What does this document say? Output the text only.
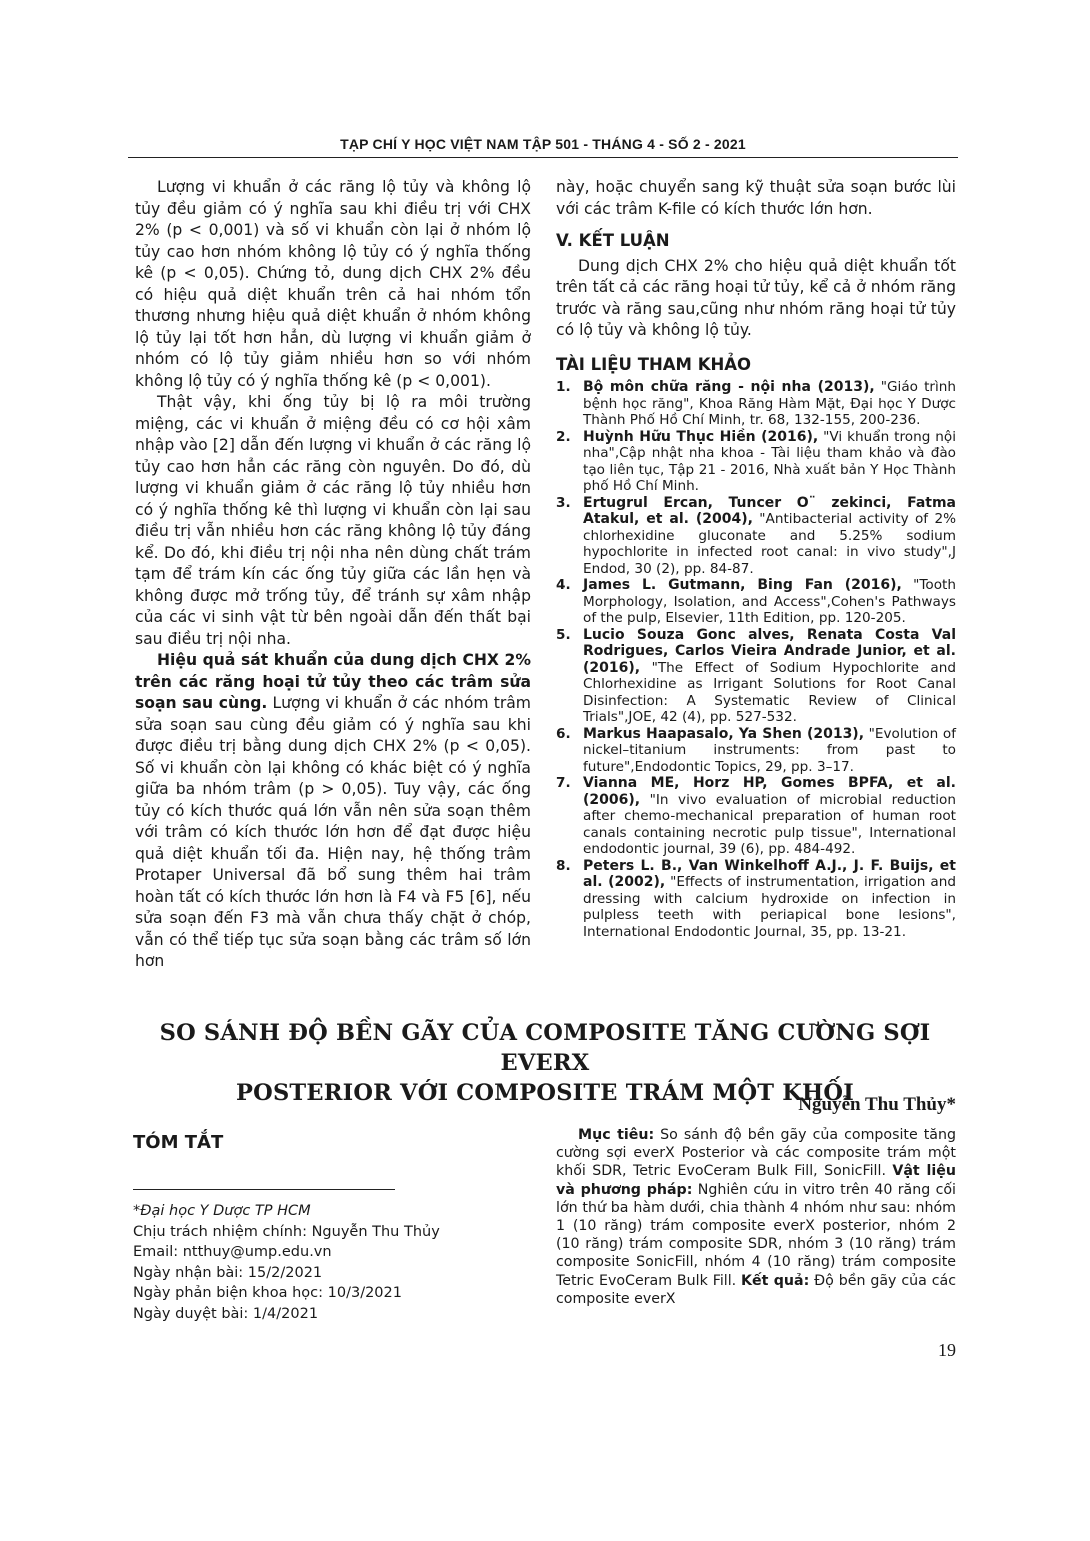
TẠP CHÍ Y HỌC VIỆT NAM TẬP 501 - THÁNG 4 - SỐ 2 - 2021

Lượng vi khuẩn ở các răng lộ tủy và không lộ tủy đều giảm có ý nghĩa sau khi điều trị với CHX 2% (p < 0,001) và số vi khuẩn còn lại ở nhóm lộ tủy cao hơn nhóm không lộ tủy có ý nghĩa thống kê (p < 0,05). Chứng tỏ, dung dịch CHX 2% đều có hiệu quả diệt khuẩn trên cả hai nhóm tổn thương nhưng hiệu quả diệt khuẩn ở nhóm không lộ tủy lại tốt hơn hẳn, dù lượng vi khuẩn giảm ở nhóm có lộ tủy giảm nhiều hơn so với nhóm không lộ tủy có ý nghĩa thống kê (p < 0,001).

Thật vậy, khi ống tủy bị lộ ra môi trường miệng, các vi khuẩn ở miệng đều có cơ hội xâm nhập vào [2] dẫn đến lượng vi khuẩn ở các răng lộ tủy cao hơn hẳn các răng còn nguyên. Do đó, dù lượng vi khuẩn giảm ở các răng lộ tủy nhiều hơn có ý nghĩa thống kê thì lượng vi khuẩn còn lại sau điều trị vẫn nhiều hơn các răng không lộ tủy đáng kể. Do đó, khi điều trị nội nha nên dùng chất trám tạm để trám kín các ống tủy giữa các lần hẹn và không được mở trống tủy, để tránh sự xâm nhập của các vi sinh vật từ bên ngoài dẫn đến thất bại sau điều trị nội nha.

Hiệu quả sát khuẩn của dung dịch CHX 2% trên các răng hoại tử tủy theo các trâm sửa soạn sau cùng. Lượng vi khuẩn ở các nhóm trâm sửa soạn sau cùng đều giảm có ý nghĩa sau khi được điều trị bằng dung dịch CHX 2% (p < 0,05). Số vi khuẩn còn lại không có khác biệt có ý nghĩa giữa ba nhóm trâm (p > 0,05). Tuy vậy, các ống tủy có kích thước quá lớn vẫn nên sửa soạn thêm với trâm có kích thước lớn hơn để đạt được hiệu quả diệt khuẩn tối đa. Hiện nay, hệ thống trâm Protaper Universal đã bổ sung thêm hai trâm hoàn tất có kích thước lớn hơn là F4 và F5 [6], nếu sửa soạn đến F3 mà vẫn chưa thấy chặt ở chóp, vẫn có thể tiếp tục sửa soạn bằng các trâm số lớn hơn

này, hoặc chuyển sang kỹ thuật sửa soạn bước lùi với các trâm K-file có kích thước lớn hơn.

V. KẾT LUẬN

Dung dịch CHX 2% cho hiệu quả diệt khuẩn tốt trên tất cả các răng hoại tử tủy, kể cả ở nhóm răng trước và răng sau,cũng như nhóm răng hoại tử tủy có lộ tủy và không lộ tủy.

TÀI LIỆU THAM KHẢO
1. Bộ môn chữa răng - nội nha (2013), "Giáo trình bệnh học răng", Khoa Răng Hàm Mặt, Đại học Y Dược Thành Phố Hồ Chí Minh, tr. 68, 132-155, 200-236.
2. Huỳnh Hữu Thục Hiền (2016), "Vi khuẩn trong nội nha",Cập nhật nha khoa - Tài liệu tham khảo và đào tạo liên tục, Tập 21 - 2016, Nhà xuất bản Y Học Thành phố Hồ Chí Minh.
3. Ertugrul Ercan, Tuncer O¨ zekinci, Fatma Atakul, et al. (2004), "Antibacterial activity of 2% chlorhexidine gluconate and 5.25% sodium hypochlorite in infected root canal: in vivo study",J Endod, 30 (2), pp. 84-87.
4. James L. Gutmann, Bing Fan (2016), "Tooth Morphology, Isolation, and Access",Cohen's Pathways of the pulp, Elsevier, 11th Edition, pp. 120-205.
5. Lucio Souza Gonc alves, Renata Costa Val Rodrigues, Carlos Vieira Andrade Junior, et al. (2016), "The Effect of Sodium Hypochlorite and Chlorhexidine as Irrigant Solutions for Root Canal Disinfection: A Systematic Review of Clinical Trials",JOE, 42 (4), pp. 527-532.
6. Markus Haapasalo, Ya Shen (2013), "Evolution of nickel–titanium instruments: from past to future",Endodontic Topics, 29, pp. 3–17.
7. Vianna ME, Horz HP, Gomes BPFA, et al. (2006), "In vivo evaluation of microbial reduction after chemo-mechanical preparation of human root canals containing necrotic pulp tissue", International endodontic journal, 39 (6), pp. 484-492.
8. Peters L. B., Van Winkelhoff A.J., J. F. Buijs, et al. (2002), "Effects of instrumentation, irrigation and dressing with calcium hydroxide on infection in pulpless teeth with periapical bone lesions", International Endodontic Journal, 35, pp. 13-21.
SO SÁNH ĐỘ BỀN GÃY CỦA COMPOSITE TĂNG CƯỜNG SỢI EVERX
POSTERIOR VỚI COMPOSITE TRÁM MỘT KHỐI
Nguyễn Thu Thủy*
TÓM TẮT
*Đại học Y Dược TP HCM
Chịu trách nhiệm chính: Nguyễn Thu Thủy
Email: ntthuy@ump.edu.vn
Ngày nhận bài: 15/2/2021
Ngày phản biện khoa học: 10/3/2021
Ngày duyệt bài: 1/4/2021

Mục tiêu: So sánh độ bền gãy của composite tăng cường sợi everX Posterior và các composite trám một khối SDR, Tetric EvoCeram Bulk Fill, SonicFill. Vật liệu và phương pháp: Nghiên cứu in vitro trên 40 răng cối lớn thứ ba hàm dưới, chia thành 4 nhóm như sau: nhóm 1 (10 răng) trám composite everX posterior, nhóm 2 (10 răng) trám composite SDR, nhóm 3 (10 răng) trám composite SonicFill, nhóm 4 (10 răng) trám composite Tetric EvoCeram Bulk Fill. Kết quả: Độ bền gãy của các composite everX

19
